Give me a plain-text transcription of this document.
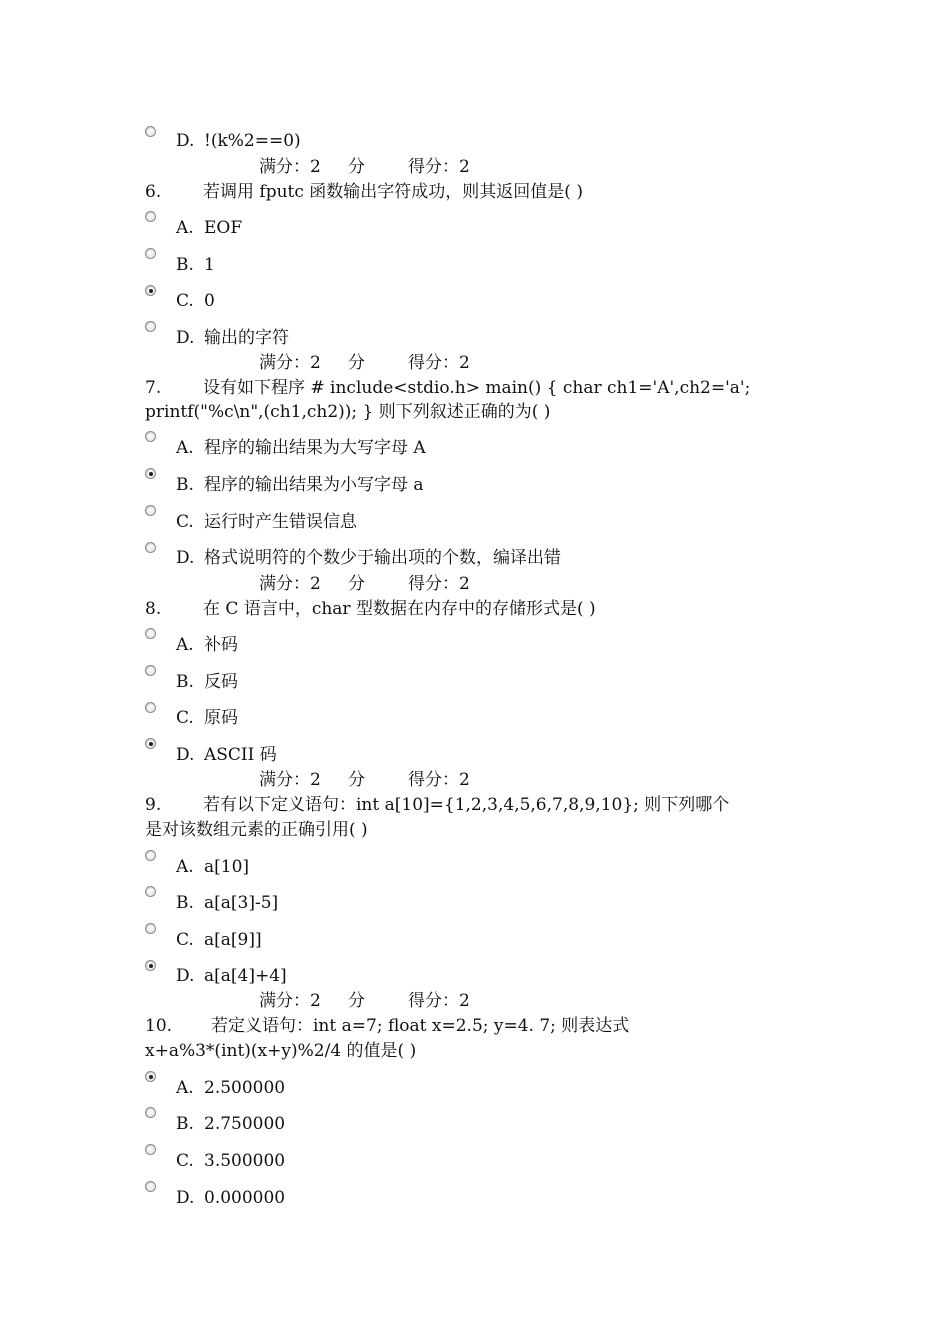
D. !(k%2==0)
满分：2 分	得分：2
6. 若调用 fputc 函数输出字符成功，则其返回值是( )
A. EOF
B. 1
C. 0
D. 输出的字符
满分：2 分	得分：2
7. 设有如下程序 # include<stdio.h> main() { char ch1='A',ch2='a';
printf("%c\n",(ch1,ch2)); } 则下列叙述正确的为( )
A. 程序的输出结果为大写字母 A
B. 程序的输出结果为小写字母 a
C. 运行时产生错误信息
D. 格式说明符的个数少于输出项的个数，编译出错
满分：2 分	得分：2
8. 在 C 语言中，char 型数据在内存中的存储形式是( )
A. 补码
B. 反码
C. 原码
D. ASCII 码
满分：2 分	得分：2
9. 若有以下定义语句：int a[10]={1,2,3,4,5,6,7,8,9,10}; 则下列哪个
是对该数组元素的正确引用( )
A. a[10]
B. a[a[3]-5]
C. a[a[9]]
D. a[a[4]+4]
满分：2 分	得分：2
10. 若定义语句：int a=7; float x=2.5; y=4. 7; 则表达式
x+a%3*(int)(x+y)%2/4 的值是( )
A. 2.500000
B. 2.750000
C. 3.500000
D. 0.000000
